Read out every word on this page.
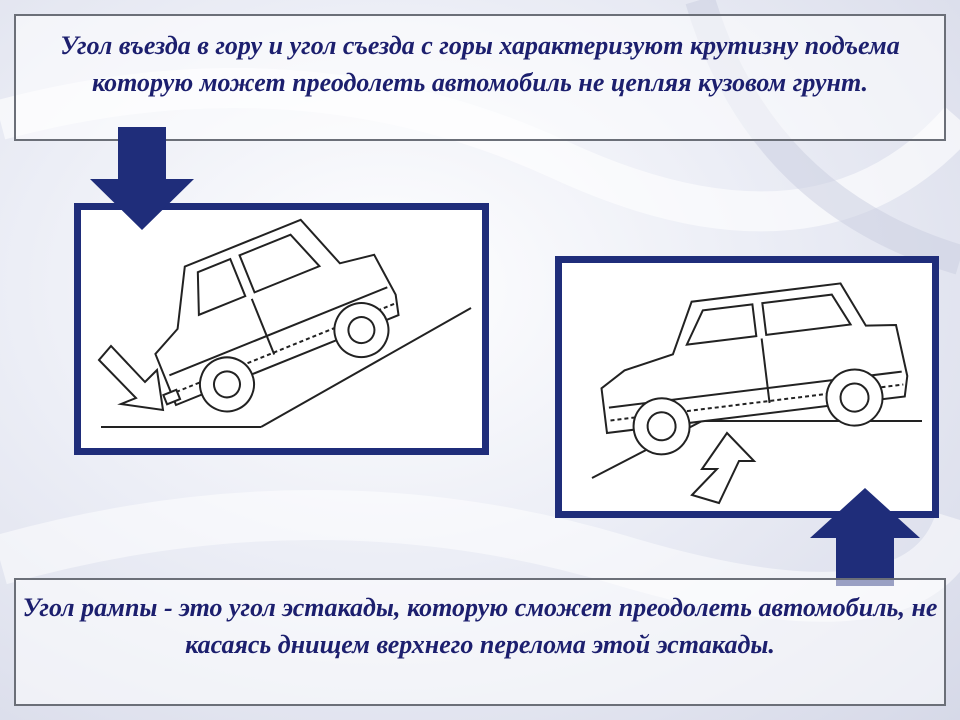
Угол въезда в гору и угол съезда с горы характеризуют крутизну подъема которую может преодолеть автомобиль не цепляя кузовом грунт.
Угол рампы - это угол эстакады, которую сможет преодолеть автомобиль, не касаясь днищем верхнего перелома этой эстакады.
